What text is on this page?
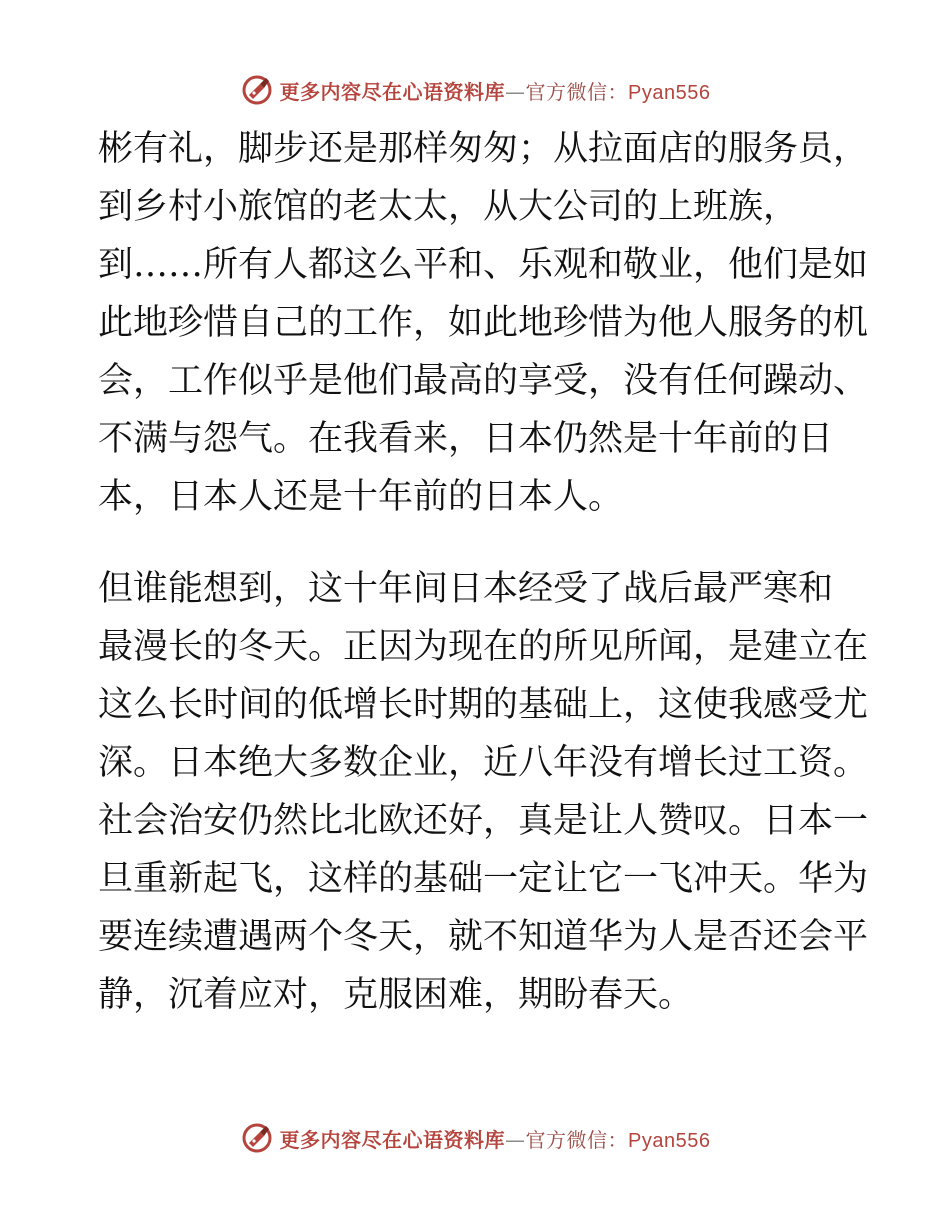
更多内容尽在心语资料库—官方微信：Pyan556
彬有礼，脚步还是那样匆匆；从拉面店的服务员，
到乡村小旅馆的老太太，从大公司的上班族，
到……所有人都这么平和、乐观和敬业，他们是如
此地珍惜自己的工作，如此地珍惜为他人服务的机
会，工作似乎是他们最高的享受，没有任何躁动、
不满与怨气。在我看来，日本仍然是十年前的日
本，日本人还是十年前的日本人。
但谁能想到，这十年间日本经受了战后最严寒和
最漫长的冬天。正因为现在的所见所闻，是建立在
这么长时间的低增长时期的基础上，这使我感受尤
深。日本绝大多数企业，近八年没有增长过工资。
社会治安仍然比北欧还好，真是让人赞叹。日本一
旦重新起飞，这样的基础一定让它一飞冲天。华为
要连续遭遇两个冬天，就不知道华为人是否还会平
静，沉着应对，克服困难，期盼春天。
更多内容尽在心语资料库—官方微信：Pyan556
